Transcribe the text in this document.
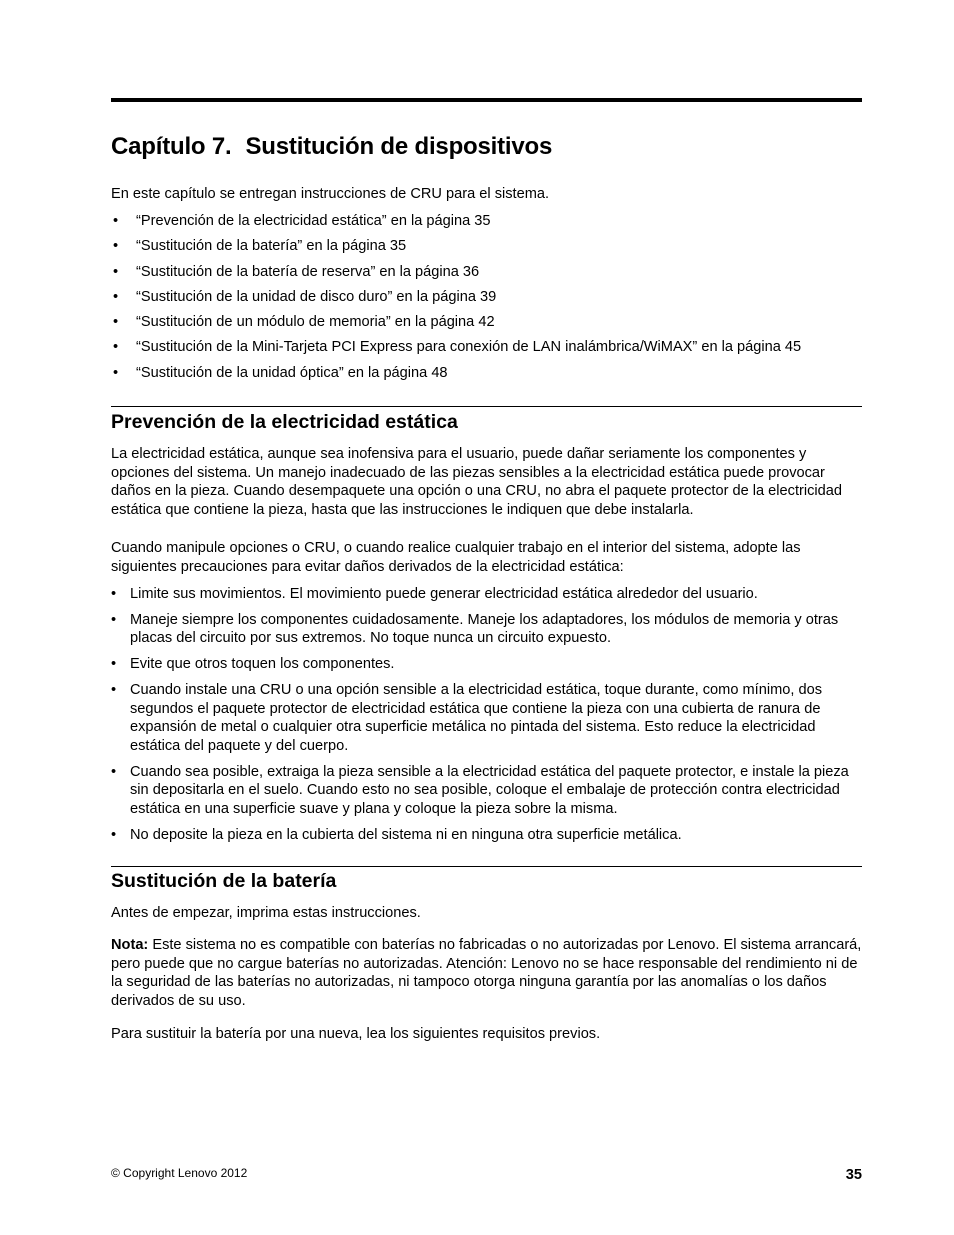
Capítulo 7. Sustitución de dispositivos

En este capítulo se entregan instrucciones de CRU para el sistema.

• “Prevención de la electricidad estática” en la página 35
• “Sustitución de la batería” en la página 35
• “Sustitución de la batería de reserva” en la página 36
• “Sustitución de la unidad de disco duro” en la página 39
• “Sustitución de un módulo de memoria” en la página 42
• “Sustitución de la Mini-Tarjeta PCI Express para conexión de LAN inalámbrica/WiMAX” en la página 45
• “Sustitución de la unidad óptica” en la página 48
Prevención de la electricidad estática

La electricidad estática, aunque sea inofensiva para el usuario, puede dañar seriamente los componentes y opciones del sistema. Un manejo inadecuado de las piezas sensibles a la electricidad estática puede provocar daños en la pieza. Cuando desempaquete una opción o una CRU, no abra el paquete protector de la electricidad estática que contiene la pieza, hasta que las instrucciones le indiquen que debe instalarla.

Cuando manipule opciones o CRU, o cuando realice cualquier trabajo en el interior del sistema, adopte las siguientes precauciones para evitar daños derivados de la electricidad estática:

• Limite sus movimientos. El movimiento puede generar electricidad estática alrededor del usuario.
• Maneje siempre los componentes cuidadosamente. Maneje los adaptadores, los módulos de memoria y otras placas del circuito por sus extremos. No toque nunca un circuito expuesto.
• Evite que otros toquen los componentes.
• Cuando instale una CRU o una opción sensible a la electricidad estática, toque durante, como mínimo, dos segundos el paquete protector de electricidad estática que contiene la pieza con una cubierta de ranura de expansión de metal o cualquier otra superficie metálica no pintada del sistema. Esto reduce la electricidad estática del paquete y del cuerpo.
• Cuando sea posible, extraiga la pieza sensible a la electricidad estática del paquete protector, e instale la pieza sin depositarla en el suelo. Cuando esto no sea posible, coloque el embalaje de protección contra electricidad estática en una superficie suave y plana y coloque la pieza sobre la misma.
• No deposite la pieza en la cubierta del sistema ni en ninguna otra superficie metálica.
Sustitución de la batería

Antes de empezar, imprima estas instrucciones.

Nota: Este sistema no es compatible con baterías no fabricadas o no autorizadas por Lenovo. El sistema arrancará, pero puede que no cargue baterías no autorizadas. Atención: Lenovo no se hace responsable del rendimiento ni de la seguridad de las baterías no autorizadas, ni tampoco otorga ninguna garantía por las anomalías o los daños derivados de su uso.

Para sustituir la batería por una nueva, lea los siguientes requisitos previos.

© Copyright Lenovo 2012	35
